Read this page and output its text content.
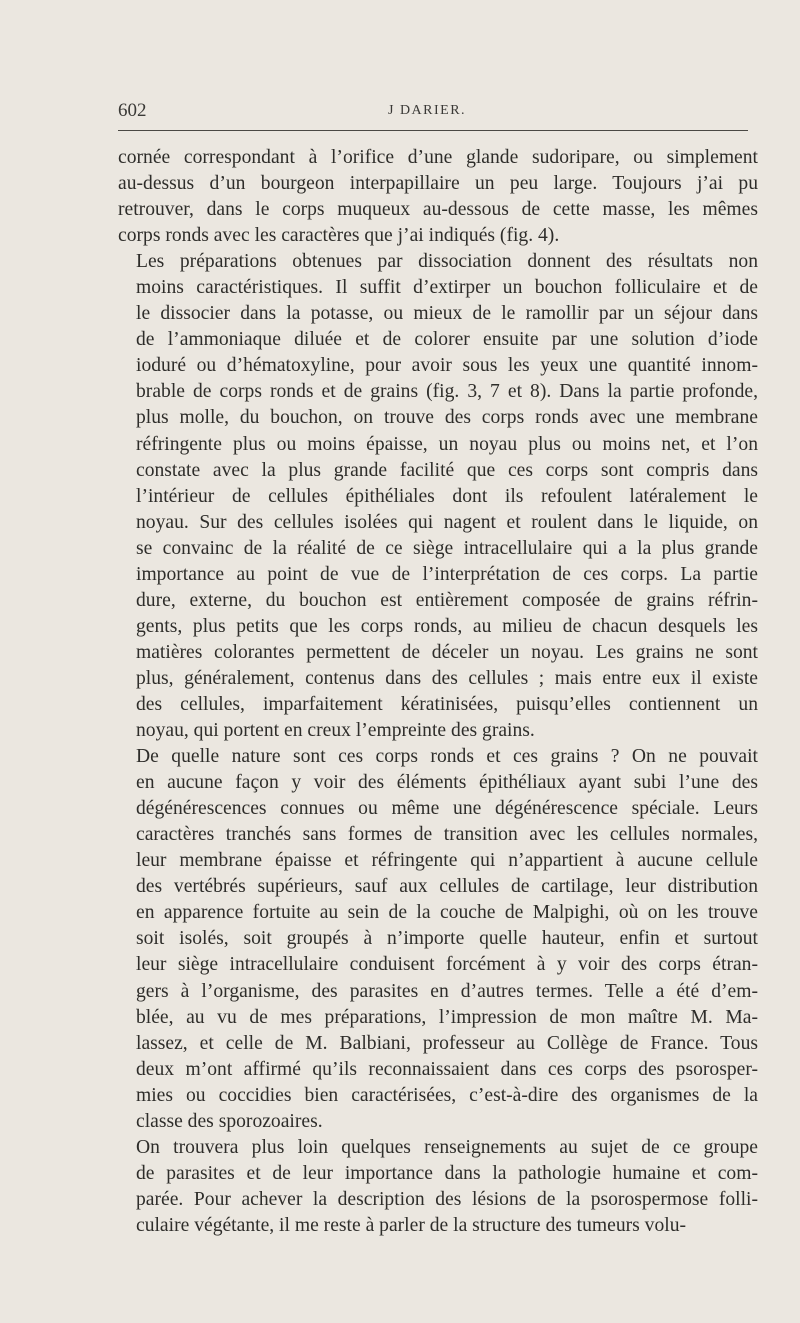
602	J DARIER.

cornée correspondant à l’orifice d’une glande sudoripare, ou simplement
au-dessus d’un bourgeon interpapillaire un peu large. Toujours j’ai pu
retrouver, dans le corps muqueux au-dessous de cette masse, les mêmes
corps ronds avec les caractères que j’ai indiqués (fig. 4).

Les préparations obtenues par dissociation donnent des résultats non
moins caractéristiques. Il suffit d’extirper un bouchon folliculaire et de
le dissocier dans la potasse, ou mieux de le ramollir par un séjour dans
de l’ammoniaque diluée et de colorer ensuite par une solution d’iode
ioduré ou d’hématoxyline, pour avoir sous les yeux une quantité innom-
brable de corps ronds et de grains (fig. 3, 7 et 8). Dans la partie profonde,
plus molle, du bouchon, on trouve des corps ronds avec une membrane
réfringente plus ou moins épaisse, un noyau plus ou moins net, et l’on
constate avec la plus grande facilité que ces corps sont compris dans
l’intérieur de cellules épithéliales dont ils refoulent latéralement le
noyau. Sur des cellules isolées qui nagent et roulent dans le liquide, on
se convainc de la réalité de ce siège intracellulaire qui a la plus grande
importance au point de vue de l’interprétation de ces corps. La partie
dure, externe, du bouchon est entièrement composée de grains réfrin-
gents, plus petits que les corps ronds, au milieu de chacun desquels les
matières colorantes permettent de déceler un noyau. Les grains ne sont
plus, généralement, contenus dans des cellules ; mais entre eux il existe
des cellules, imparfaitement kératinisées, puisqu’elles contiennent un
noyau, qui portent en creux l’empreinte des grains.

De quelle nature sont ces corps ronds et ces grains ? On ne pouvait
en aucune façon y voir des éléments épithéliaux ayant subi l’une des
dégénérescences connues ou même une dégénérescence spéciale. Leurs
caractères tranchés sans formes de transition avec les cellules normales,
leur membrane épaisse et réfringente qui n’appartient à aucune cellule
des vertébrés supérieurs, sauf aux cellules de cartilage, leur distribution
en apparence fortuite au sein de la couche de Malpighi, où on les trouve
soit isolés, soit groupés à n’importe quelle hauteur, enfin et surtout
leur siège intracellulaire conduisent forcément à y voir des corps étran-
gers à l’organisme, des parasites en d’autres termes. Telle a été d’em-
blée, au vu de mes préparations, l’impression de mon maître M. Ma-
lassez, et celle de M. Balbiani, professeur au Collège de France. Tous
deux m’ont affirmé qu’ils reconnaissaient dans ces corps des psorosper-
mies ou coccidies bien caractérisées, c’est-à-dire des organismes de la
classe des sporozoaires.

On trouvera plus loin quelques renseignements au sujet de ce groupe
de parasites et de leur importance dans la pathologie humaine et com-
parée. Pour achever la description des lésions de la psorospermose folli-
culaire végétante, il me reste à parler de la structure des tumeurs volu-
